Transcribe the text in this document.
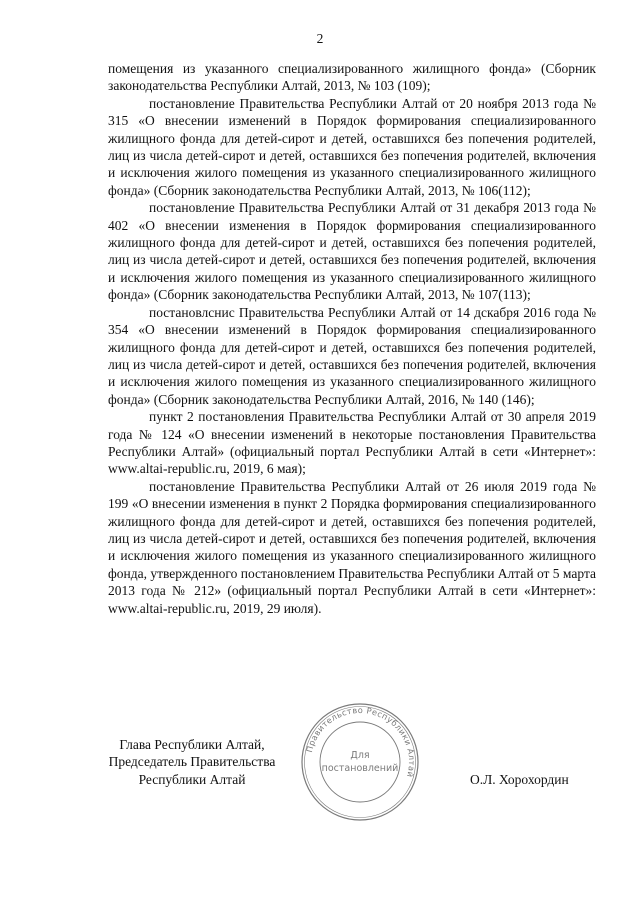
2

помещения из указанного специализированного жилищного фонда» (Сборник законодательства Республики Алтай, 2013, № 103 (109);

постановление Правительства Республики Алтай от 20 ноября 2013 года № 315 «О внесении изменений в Порядок формирования специализированного жилищного фонда для детей-сирот и детей, оставшихся без попечения родителей, лиц из числа детей-сирот и детей, оставшихся без попечения родителей, включения и исключения жилого помещения из указанного специализированного жилищного фонда» (Сборник законодательства Республики Алтай, 2013, № 106(112);

постановление Правительства Республики Алтай от 31 декабря 2013 года № 402 «О внесении изменения в Порядок формирования специализированного жилищного фонда для детей-сирот и детей, оставшихся без попечения родителей, лиц из числа детей-сирот и детей, оставшихся без попечения родителей, включения и исключения жилого помещения из указанного специализированного жилищного фонда» (Сборник законодательства Республики Алтай, 2013, № 107(113);

постановлснис Правительства Республики Алтай от 14 дскабря 2016 года № 354 «О внесении изменений в Порядок формирования специализированного жилищного фонда для детей-сирот и детей, оставшихся без попечения родителей, лиц из числа детей-сирот и детей, оставшихся без попечения родителей, включения и исключения жилого помещения из указанного специализированного жилищного фонда» (Сборник законодательства Республики Алтай, 2016, № 140 (146);

пункт 2 постановления Правительства Республики Алтай от 30 апреля 2019 года № 124 «О внесении изменений в некоторые постановления Правительства Республики Алтай» (официальный портал Республики Алтай в сети «Интернет»: www.altai-republic.ru, 2019, 6 мая);

постановление Правительства Республики Алтай от 26 июля 2019 года № 199 «О внесении изменения в пункт 2 Порядка формирования специализированного жилищного фонда для детей-сирот и детей, оставшихся без попечения родителей, лиц из числа детей-сирот и детей, оставшихся без попечения родителей, включения и исключения жилого помещения из указанного специализированного жилищного фонда, утвержденного постановлением Правительства Республики Алтай от 5 марта 2013 года № 212» (официальный портал Республики Алтай в сети «Интернет»: www.altai-republic.ru, 2019, 29 июля).

Глава Республики Алтай,
Председатель Правительства
Республики Алтай
Правительство Республики Алтай
Для
постановлений
О.Л. Хорохордин
